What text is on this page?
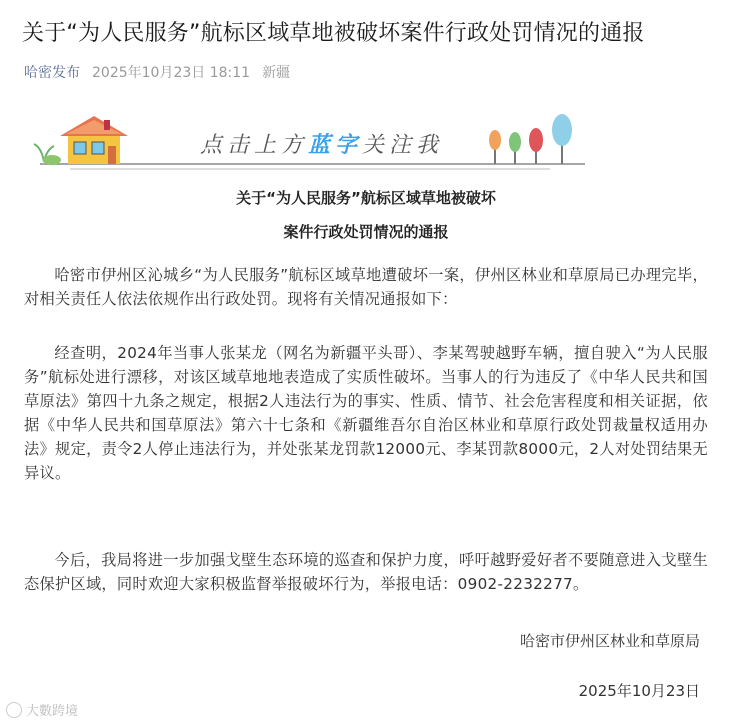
关于“为人民服务”航标区域草地被破坏案件行政处罚情况的通报
哈密发布 2025年10月23日 18:11 新疆
点击上方蓝字关注我
关于“为人民服务”航标区域草地被破坏
案件行政处罚情况的通报

哈密市伊州区沁城乡“为人民服务”航标区域草地遭破坏一案，伊州区林业和草原局已办理完毕，对相关责任人依法依规作出行政处罚。现将有关情况通报如下：

经查明，2024年当事人张某龙（网名为新疆平头哥）、李某驾驶越野车辆，擅自驶入“为人民服务”航标处进行漂移，对该区域草地地表造成了实质性破坏。当事人的行为违反了《中华人民共和国草原法》第四十九条之规定，根据2人违法行为的事实、性质、情节、社会危害程度和相关证据，依据《中华人民共和国草原法》第六十七条和《新疆维吾尔自治区林业和草原行政处罚裁量权适用办法》规定，责令2人停止违法行为，并处张某龙罚款12000元、李某罚款8000元，2人对处罚结果无异议。

今后，我局将进一步加强戈壁生态环境的巡查和保护力度，呼吁越野爱好者不要随意进入戈壁生态保护区域，同时欢迎大家积极监督举报破坏行为，举报电话：0902-2232277。

哈密市伊州区林业和草原局
2025年10月23日
大數跨境
